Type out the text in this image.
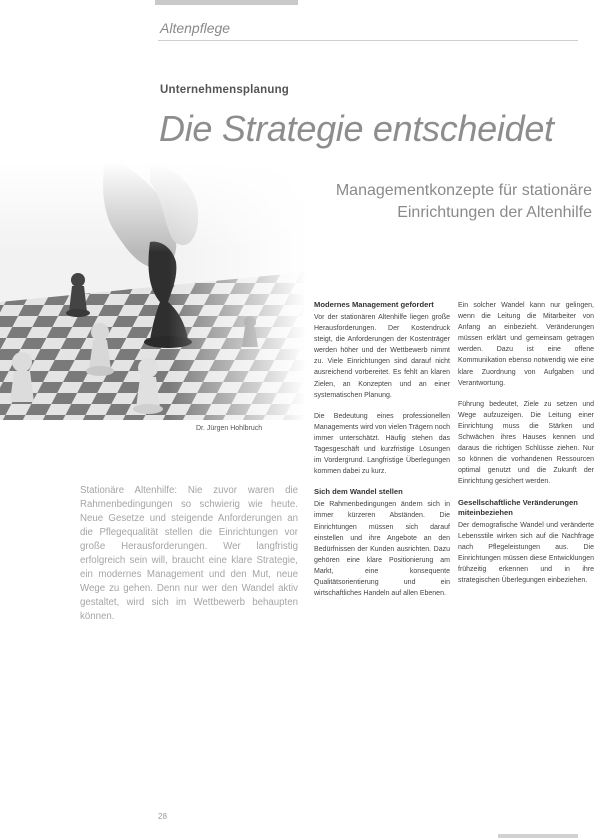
Altenpflege
Unternehmensplanung
Die Strategie entscheidet
Managementkonzepte für stationäre
Einrichtungen der Altenhilfe
Dr. Jürgen Hohlbruch
Stationäre Altenhilfe: Nie zuvor waren die Rahmenbedingungen so schwierig wie heute. Neue Gesetze und steigende Anforderungen an die Pflegequalität stellen die Einrichtungen vor große Herausforderungen. Wer langfristig erfolgreich sein will, braucht eine klare Strategie, ein modernes Management und den Mut, neue Wege zu gehen. Denn nur wer den Wandel aktiv gestaltet, wird sich im Wettbewerb behaupten können.
Modernes Management gefordert

Vor der stationären Altenhilfe liegen große Herausforderungen. Der Kostendruck steigt, die Anforderungen der Kostenträger werden höher und der Wettbewerb nimmt zu. Viele Einrichtungen sind darauf nicht ausreichend vorbereitet. Es fehlt an klaren Zielen, an Konzepten und an einer systematischen Planung.

Die Bedeutung eines professionellen Managements wird von vielen Trägern noch immer unterschätzt. Häufig stehen das Tagesgeschäft und kurzfristige Lösungen im Vordergrund. Langfristige Überlegungen kommen dabei zu kurz.

Sich dem Wandel stellen

Die Rahmenbedingungen ändern sich in immer kürzeren Abständen. Die Einrichtungen müssen sich darauf einstellen und ihre Angebote an den Bedürfnissen der Kunden ausrichten. Dazu gehören eine klare Positionierung am Markt, eine konsequente Qualitätsorientierung und ein wirtschaftliches Handeln auf allen Ebenen.

Ein solcher Wandel kann nur gelingen, wenn die Leitung die Mitarbeiter von Anfang an einbezieht. Veränderungen müssen erklärt und gemeinsam getragen werden. Dazu ist eine offene Kommunikation ebenso notwendig wie eine klare Zuordnung von Aufgaben und Verantwortung.

Führung bedeutet, Ziele zu setzen und Wege aufzuzeigen. Die Leitung einer Einrichtung muss die Stärken und Schwächen ihres Hauses kennen und daraus die richtigen Schlüsse ziehen. Nur so können die vorhandenen Ressourcen optimal genutzt und die Zukunft der Einrichtung gesichert werden.

Gesellschaftliche Veränderungen miteinbeziehen

Der demografische Wandel und veränderte Lebensstile wirken sich auf die Nachfrage nach Pflegeleistungen aus. Die Einrichtungen müssen diese Entwicklungen frühzeitig erkennen und in ihre strategischen Überlegungen einbeziehen.

28
